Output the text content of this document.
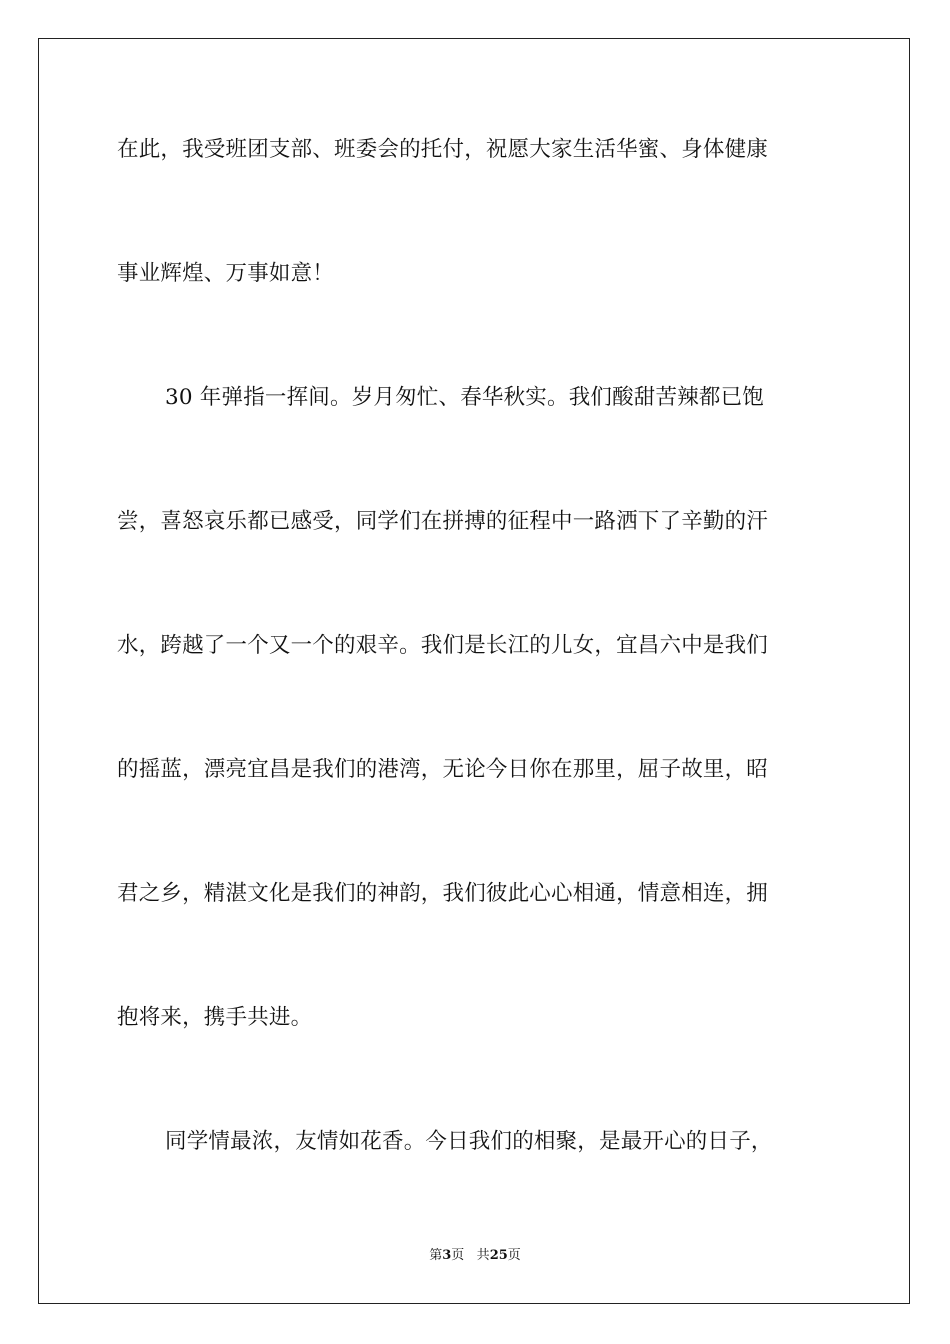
在此，我受班团支部、班委会的托付，祝愿大家生活华蜜、身体健康
事业辉煌、万事如意！
30 年弹指一挥间。岁月匆忙、春华秋实。我们酸甜苦辣都已饱
尝，喜怒哀乐都已感受，同学们在拼搏的征程中一路洒下了辛勤的汗
水，跨越了一个又一个的艰辛。我们是长江的儿女，宜昌六中是我们
的摇蓝，漂亮宜昌是我们的港湾，无论今日你在那里，屈子故里，昭
君之乡，精湛文化是我们的神韵，我们彼此心心相通，情意相连，拥
抱将来，携手共进。
同学情最浓，友情如花香。今日我们的相聚，是最开心的日子，
第3页 共25页
